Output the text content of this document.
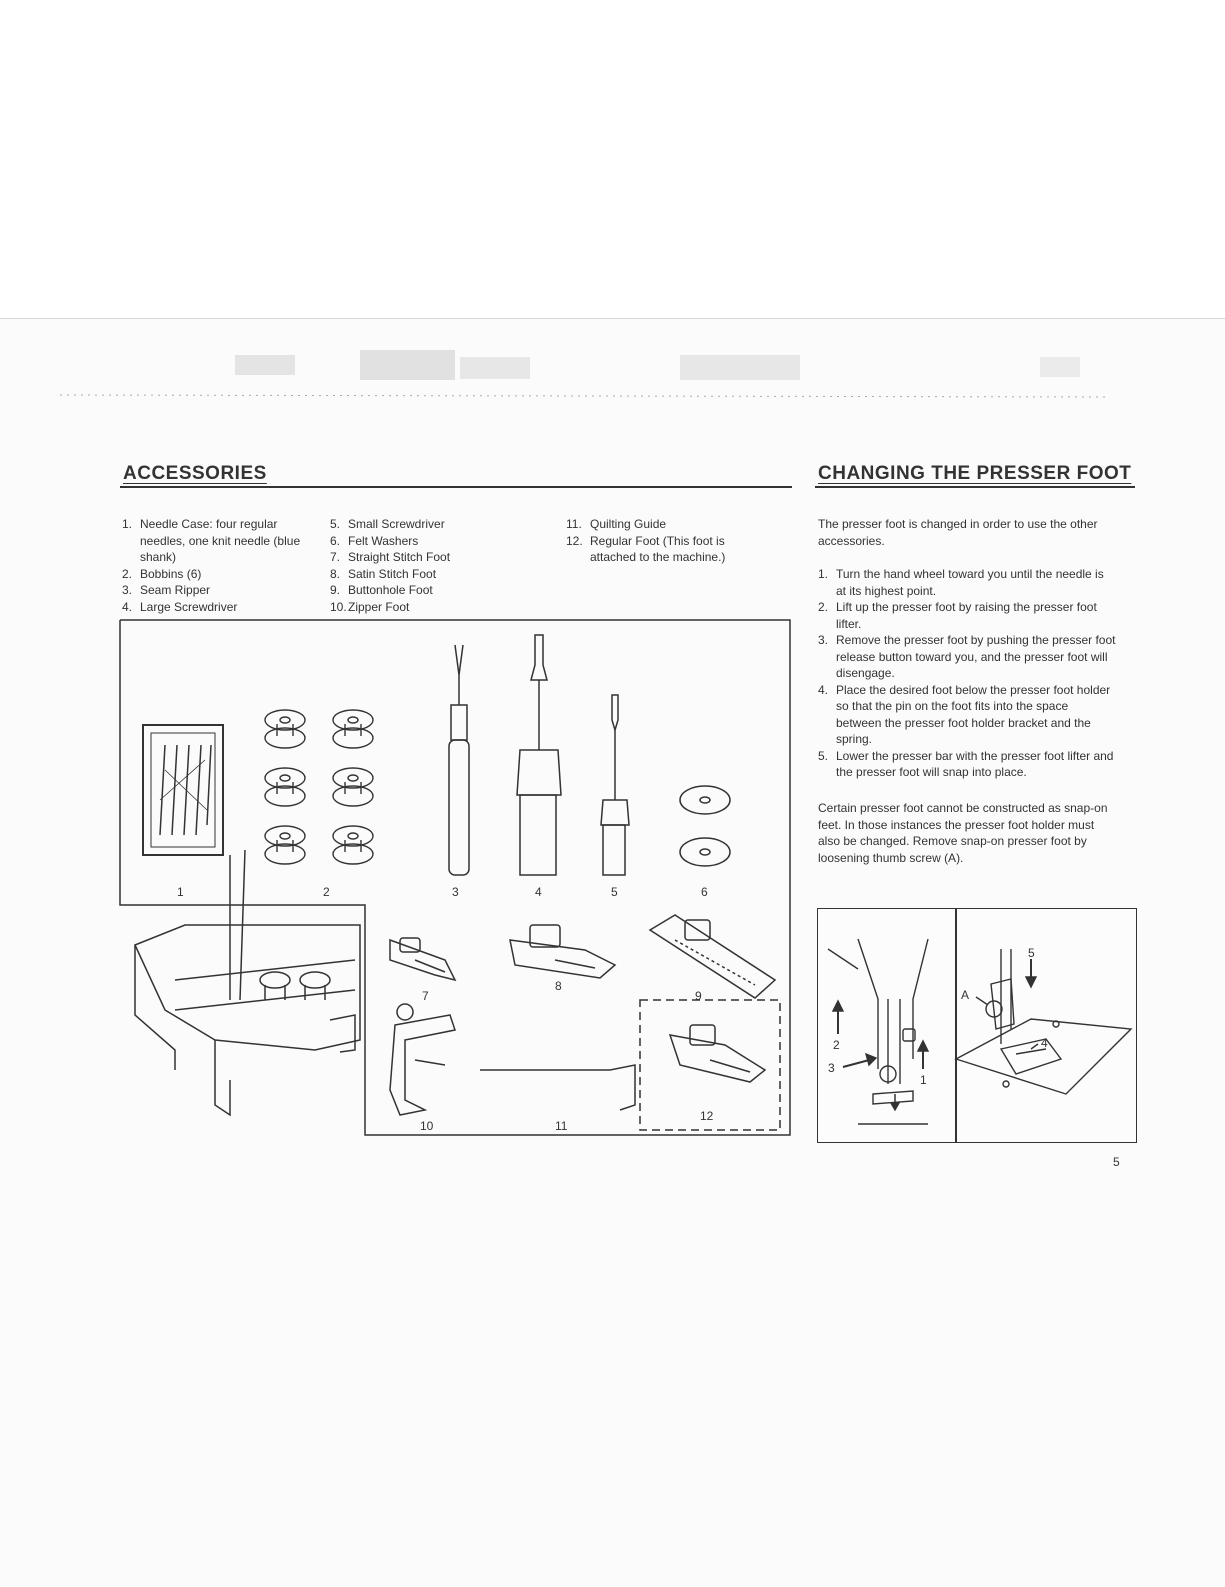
ACCESSORIES
1. Needle Case: four regular needles, one knit needle (blue shank)
2. Bobbins (6)
3. Seam Ripper
4. Large Screwdriver
5. Small Screwdriver
6. Felt Washers
7. Straight Stitch Foot
8. Satin Stitch Foot
9. Buttonhole Foot
10. Zipper Foot
11. Quilting Guide
12. Regular Foot (This foot is attached to the machine.)
1	2	3	4	5	6
7
8
9
10	11
12
CHANGING THE PRESSER FOOT

The presser foot is changed in order to use the other accessories.

1. Turn the hand wheel toward you until the needle is at its highest point.
2. Lift up the presser foot by raising the presser foot lifter.
3. Remove the presser foot by pushing the presser foot release button toward you, and the presser foot will disengage.
4. Place the desired foot below the presser foot holder so that the pin on the foot fits into the space between the presser foot holder bracket and the spring.
5. Lower the presser bar with the presser foot lifter and the presser foot will snap into place.

Certain presser foot cannot be constructed as snap-on feet. In those instances the presser foot holder must also be changed. Remove snap-on presser foot by loosening thumb screw (A).

1
2
3
5
A
4
5
